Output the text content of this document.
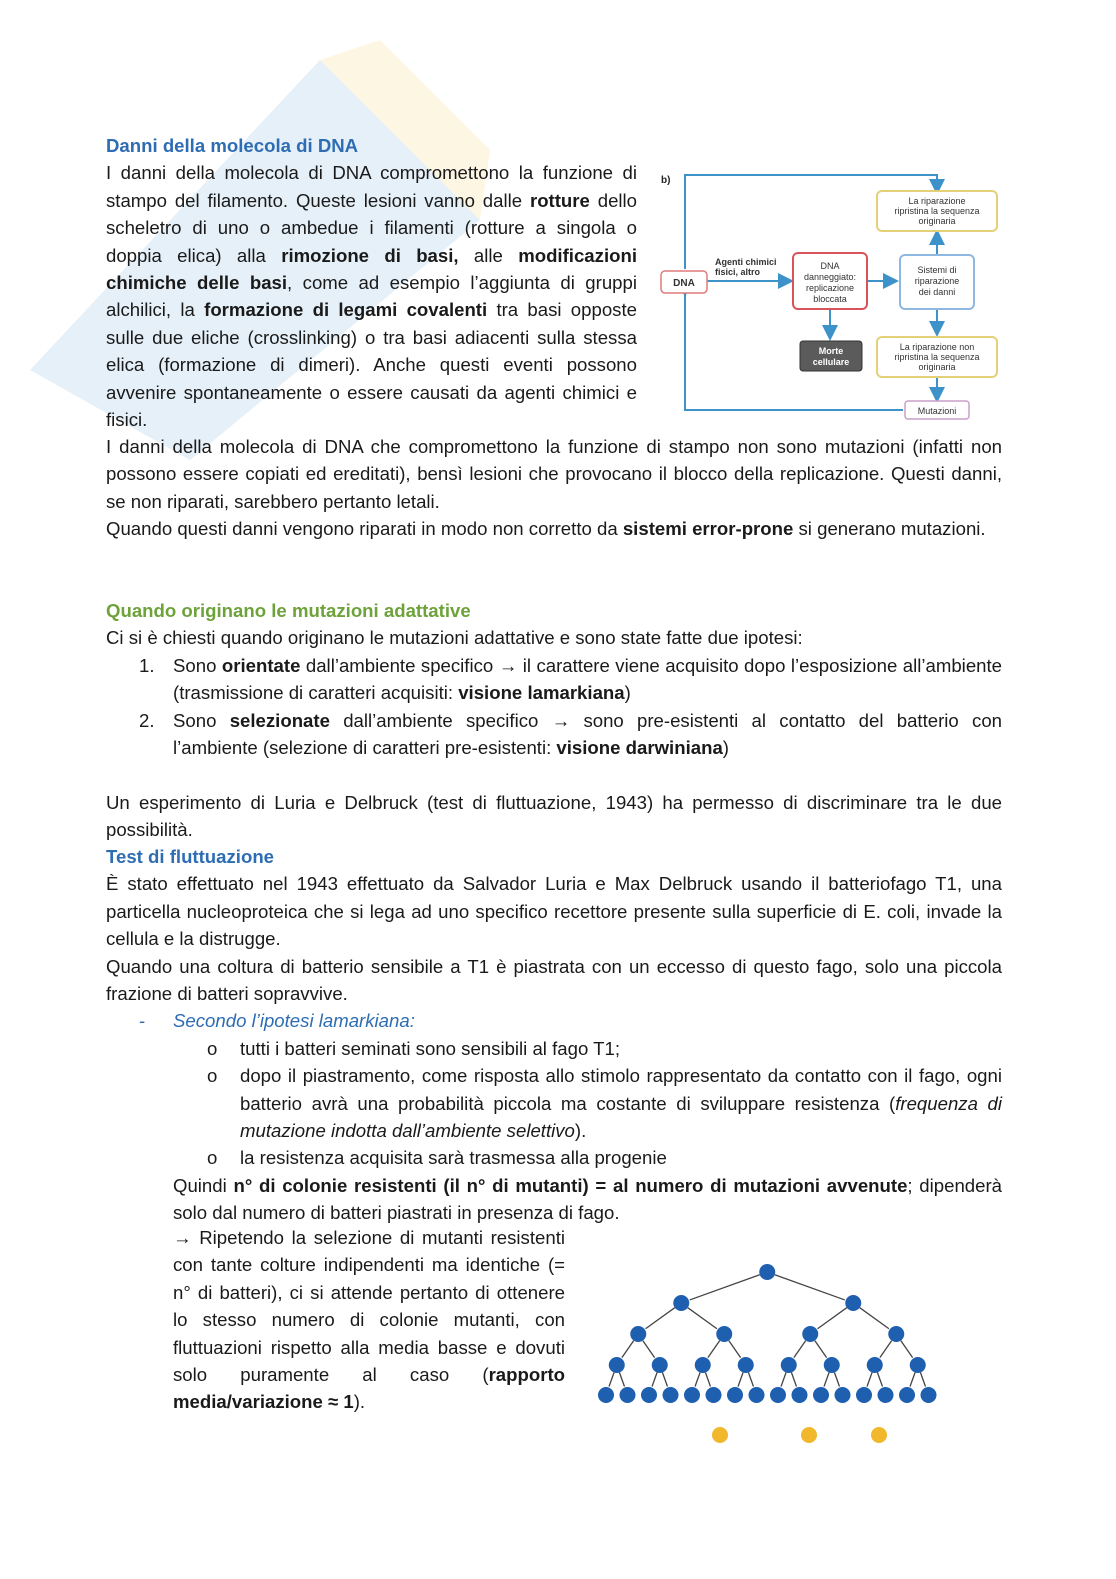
Danni della molecola di DNA

I danni della molecola di DNA compromettono la funzione di stampo del filamento. Queste lesioni vanno dalle rotture dello scheletro di uno o ambedue i filamenti (rotture a singola o doppia elica) alla rimozione di basi, alle modificazioni chimiche delle basi, come ad esempio l’aggiunta di gruppi alchilici, la formazione di legami covalenti tra basi opposte sulle due eliche (crosslinking) o tra basi adiacenti sulla stessa elica (formazione di dimeri). Anche questi eventi possono avvenire spontaneamente o essere causati da agenti chimici e fisici.

b)
DNA
Agenti chimici
fisici, altro
DNA
danneggiato:
replicazione
bloccata
La riparazione
ripristina la sequenza
originaria
Sistemi di
riparazione
dei danni
La riparazione non
ripristina la sequenza
originaria
Morte
cellulare
Mutazioni

I danni della molecola di DNA che compromettono la funzione di stampo non sono mutazioni (infatti non possono essere copiati ed ereditati), bensì lesioni che provocano il blocco della replicazione. Questi danni, se non riparati, sarebbero pertanto letali.

Quando questi danni vengono riparati in modo non corretto da sistemi error-prone si generano mutazioni.

Quando originano le mutazioni adattative

Ci si è chiesti quando originano le mutazioni adattative e sono state fatte due ipotesi:

1. Sono orientate dall’ambiente specifico → il carattere viene acquisito dopo l’esposizione all’ambiente (trasmissione di caratteri acquisiti: visione lamarkiana)
2. Sono selezionate dall’ambiente specifico → sono pre-esistenti al contatto del batterio con l’ambiente (selezione di caratteri pre-esistenti: visione darwiniana)

Un esperimento di Luria e Delbruck (test di fluttuazione, 1943) ha permesso di discriminare tra le due possibilità.

Test di fluttuazione

È stato effettuato nel 1943 effettuato da Salvador Luria e Max Delbruck usando il batteriofago T1, una particella nucleoproteica che si lega ad uno specifico recettore presente sulla superficie di E. coli, invade la cellula e la distrugge.

Quando una coltura di batterio sensibile a T1 è piastrata con un eccesso di questo fago, solo una piccola frazione di batteri sopravvive.

- Secondo l’ipotesi lamarkiana:
o tutti i batteri seminati sono sensibili al fago T1;
o dopo il piastramento, come risposta allo stimolo rappresentato da contatto con il fago, ogni batterio avrà una probabilità piccola ma costante di sviluppare resistenza (frequenza di mutazione indotta dall’ambiente selettivo).
o la resistenza acquisita sarà trasmessa alla progenie

Quindi n° di colonie resistenti (il n° di mutanti) = al numero di mutazioni avvenute; dipenderà solo dal numero di batteri piastrati in presenza di fago.

→ Ripetendo la selezione di mutanti resistenti con tante colture indipendenti ma identiche (= n° di batteri), ci si attende pertanto di ottenere lo stesso numero di colonie mutanti, con fluttuazioni rispetto alla media basse e dovuti solo puramente al caso (rapporto media/variazione ≈ 1).
